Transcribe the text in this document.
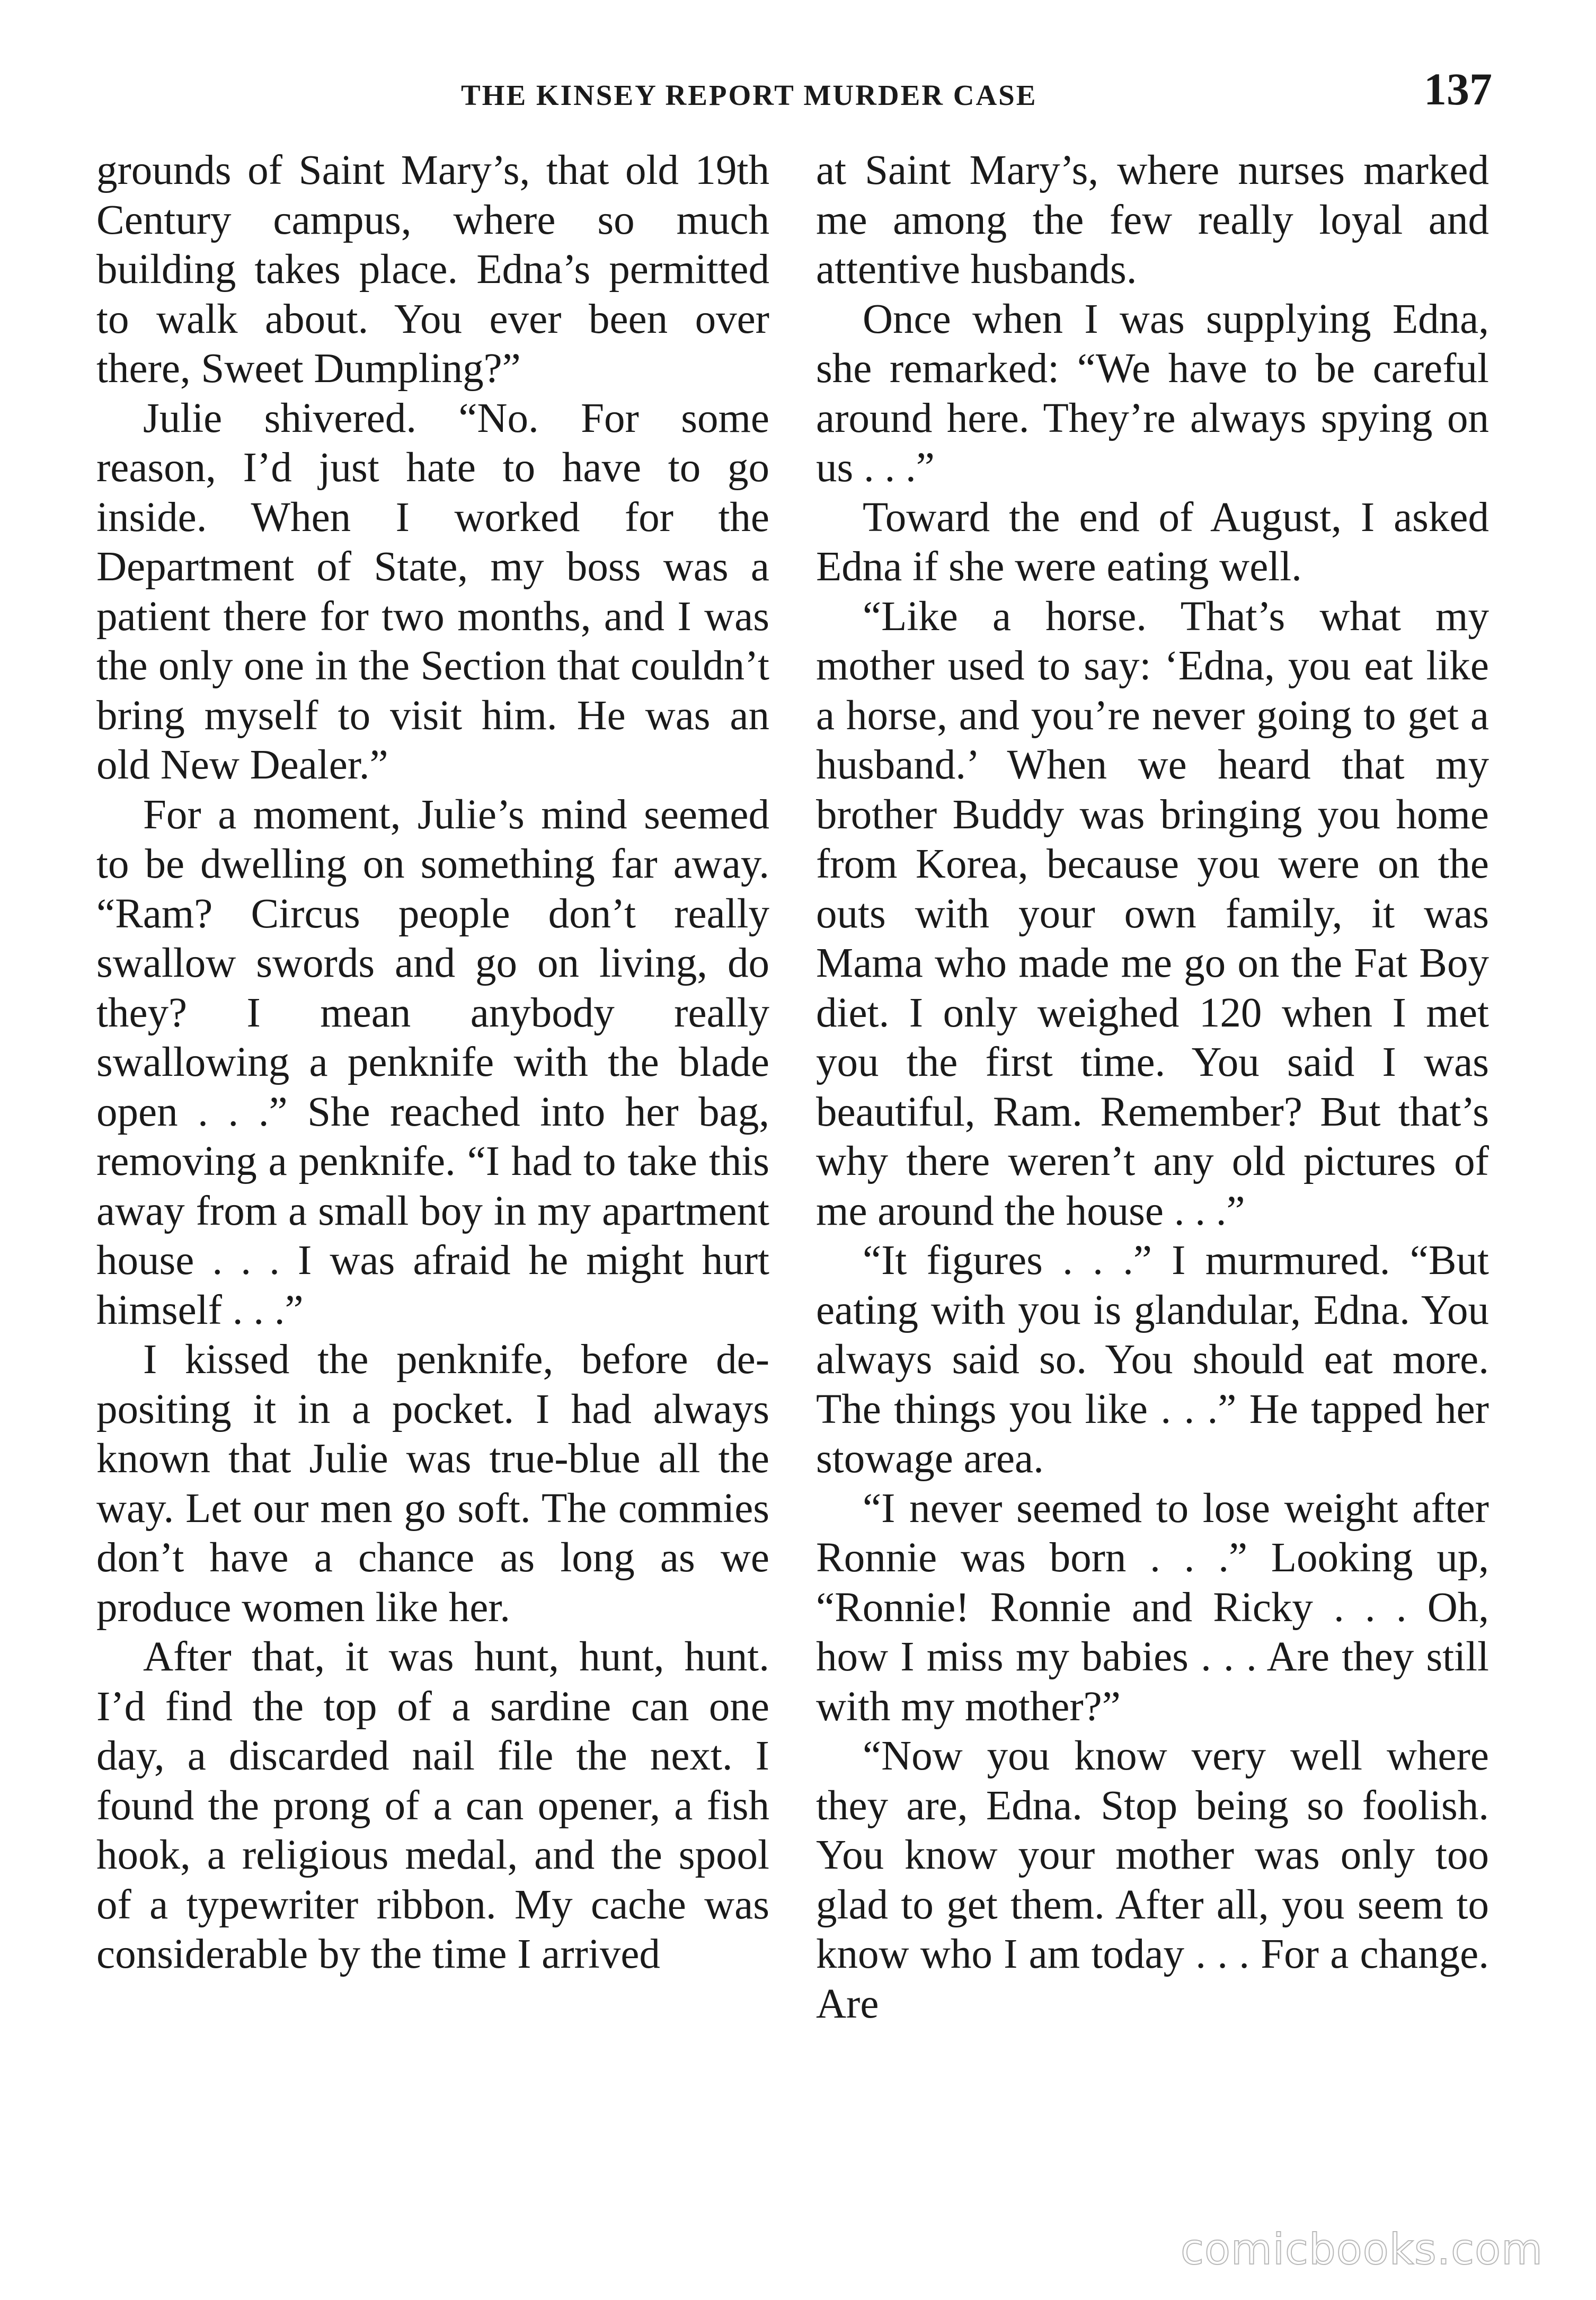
THE KINSEY REPORT MURDER CASE	137

grounds of Saint Mary’s, that old 19th Century campus, where so much building takes place. Edna’s permitted to walk about. You ever been over there, Sweet Dumpling?”

Julie shivered. “No. For some reason, I’d just hate to have to go inside. When I worked for the Department of State, my boss was a patient there for two months, and I was the only one in the Section that couldn’t bring myself to visit him. He was an old New Dealer.”

For a moment, Julie’s mind seemed to be dwelling on something far away. “Ram? Circus people don’t really swallow swords and go on living, do they? I mean anybody really swallowing a penknife with the blade open . . .” She reached into her bag, removing a penknife. “I had to take this away from a small boy in my apartment house . . . I was afraid he might hurt himself . . .”

I kissed the penknife, before depositing it in a pocket. I had always known that Julie was true-blue all the way. Let our men go soft. The commies don’t have a chance as long as we produce women like her.

After that, it was hunt, hunt, hunt. I’d find the top of a sardine can one day, a discarded nail file the next. I found the prong of a can opener, a fish hook, a religious medal, and the spool of a typewriter ribbon. My cache was considerable by the time I arrived

at Saint Mary’s, where nurses marked me among the few really loyal and attentive husbands.

Once when I was supplying Edna, she remarked: “We have to be careful around here. They’re always spying on us . . .”

Toward the end of August, I asked Edna if she were eating well.

“Like a horse. That’s what my mother used to say: ‘Edna, you eat like a horse, and you’re never going to get a husband.’ When we heard that my brother Buddy was bringing you home from Korea, because you were on the outs with your own family, it was Mama who made me go on the Fat Boy diet. I only weighed 120 when I met you the first time. You said I was beautiful, Ram. Remember? But that’s why there weren’t any old pictures of me around the house . . .”

“It figures . . .” I murmured. “But eating with you is glandular, Edna. You always said so. You should eat more. The things you like . . .” He tapped her stowage area.

“I never seemed to lose weight after Ronnie was born . . .” Looking up, “Ronnie! Ronnie and Ricky . . . Oh, how I miss my babies . . . Are they still with my mother?”

“Now you know very well where they are, Edna. Stop being so foolish. You know your mother was only too glad to get them. After all, you seem to know who I am today . . . For a change. Are

comicbooks.com
